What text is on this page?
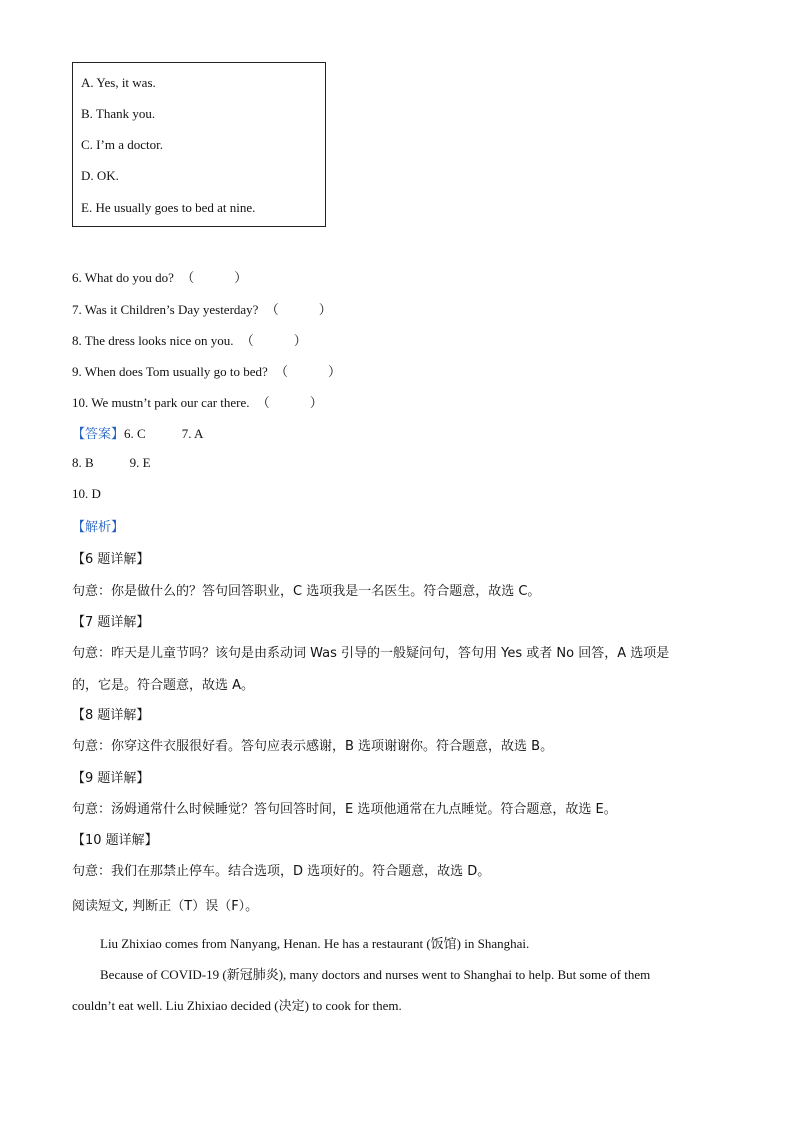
A. Yes, it was.
B. Thank you.
C. I’m a doctor.
D. OK.
E. He usually goes to bed at nine.
6. What do you do? （	）
7. Was it Children’s Day yesterday? （	）
8. The dress looks nice on you. （	）
9. When does Tom usually go to bed? （	）
10. We mustn’t park our car there. （	）
【答案】6. C	7. A
8. B	9. E
10. D
【解析】
【6 题详解】
句意：你是做什么的？答句回答职业，C 选项我是一名医生。符合题意，故选 C。
【7 题详解】
句意：昨天是儿童节吗？该句是由系动词 Was 引导的一般疑问句，答句用 Yes 或者 No 回答，A 选项是
的，它是。符合题意，故选 A。
【8 题详解】
句意：你穿这件衣服很好看。答句应表示感谢，B 选项谢谢你。符合题意，故选 B。
【9 题详解】
句意：汤姆通常什么时候睡觉？答句回答时间，E 选项他通常在九点睡觉。符合题意，故选 E。
【10 题详解】
句意：我们在那禁止停车。结合选项，D 选项好的。符合题意，故选 D。
阅读短文, 判断正（T）误（F）。
Liu Zhixiao comes from Nanyang, Henan. He has a restaurant (饭馆) in Shanghai.
Because of COVID-19 (新冠肺炎), many doctors and nurses went to Shanghai to help. But some of them
couldn’t eat well. Liu Zhixiao decided (决定) to cook for them.
